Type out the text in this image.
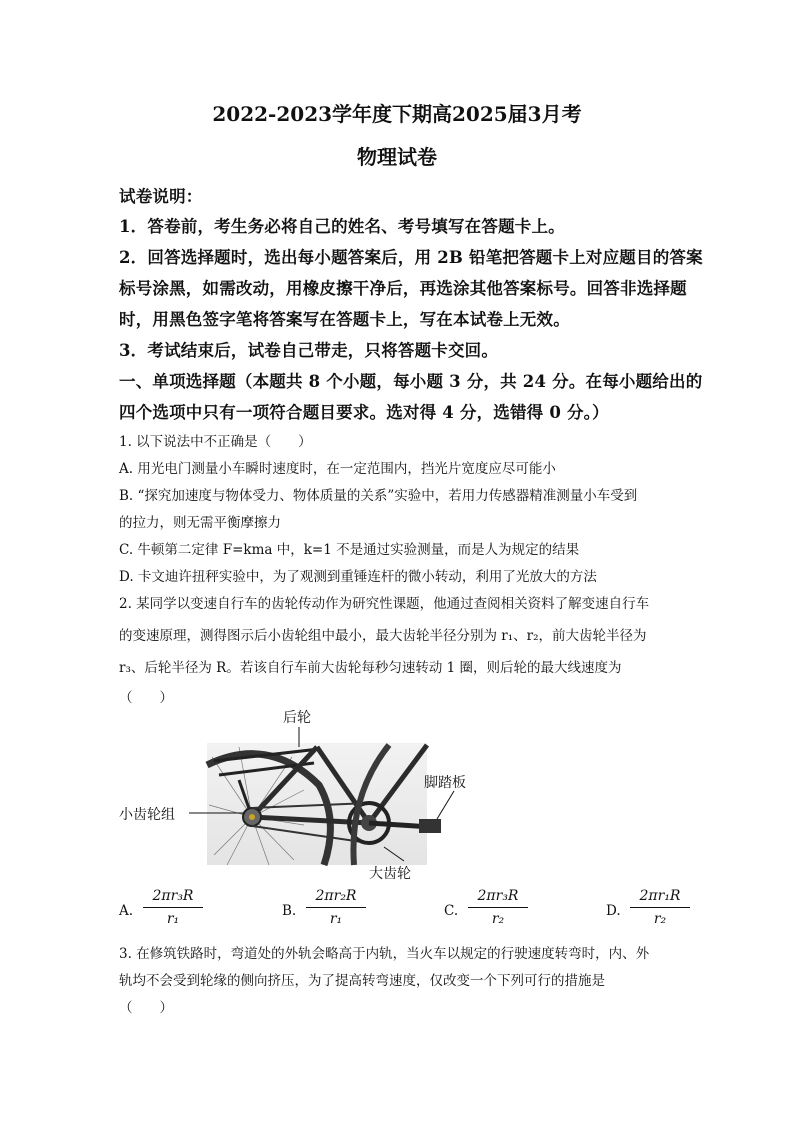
2022-2023学年度下期高2025届3月考
物理试卷
试卷说明：
1．答卷前，考生务必将自己的姓名、考号填写在答题卡上。
2．回答选择题时，选出每小题答案后，用 2B 铅笔把答题卡上对应题目的答案
标号涂黑，如需改动，用橡皮擦干净后，再选涂其他答案标号。回答非选择题
时，用黑色签字笔将答案写在答题卡上，写在本试卷上无效。
3．考试结束后，试卷自己带走，只将答题卡交回。
一、单项选择题（本题共 8 个小题，每小题 3 分，共 24 分。在每小题给出的
四个选项中只有一项符合题目要求。选对得 4 分，选错得 0 分。）
1. 以下说法中不正确是（　　）
A. 用光电门测量小车瞬时速度时，在一定范围内，挡光片宽度应尽可能小
B. “探究加速度与物体受力、物体质量的关系”实验中，若用力传感器精准测量小车受到
的拉力，则无需平衡摩擦力
C. 牛顿第二定律 F=kma 中，k=1 不是通过实验测量，而是人为规定的结果
D. 卡文迪许扭秤实验中，为了观测到重锤连杆的微小转动，利用了光放大的方法
2. 某同学以变速自行车的齿轮传动作为研究性课题，他通过查阅相关资料了解变速自行车
的变速原理，测得图示后小齿轮组中最小，最大齿轮半径分别为 r₁、r₂，前大齿轮半径为
r₃、后轮半径为 R。若该自行车前大齿轮每秒匀速转动 1 圈，则后轮的最大线速度为
（　　）
后轮
脚踏板
小齿轮组
大齿轮
A.
2πr₃R
r₁	B.
2πr₂R
r₁	C.
2πr₃R
r₂	D.
2πr₁R
r₂
3. 在修筑铁路时，弯道处的外轨会略高于内轨，当火车以规定的行驶速度转弯时，内、外
轨均不会受到轮缘的侧向挤压，为了提高转弯速度，仅改变一个下列可行的措施是
（　　）
